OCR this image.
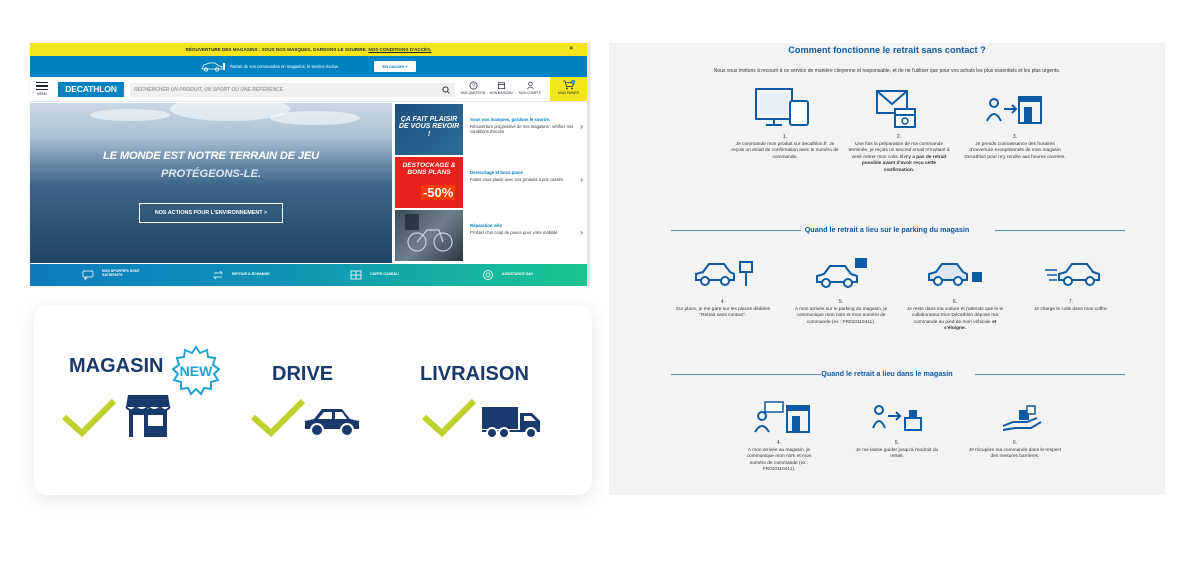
RÉOUVERTURE DES MAGASINS : SOUS NOS MASQUES, GARDONS LE SOURIRE. NOS CONDITIONS D'ACCÈS.	×
Retrait de vos commandes en magasins, le service évolue.	EN SAVOIR +
MENU
DECATHLON	RECHERCHER UN PRODUIT, UN SPORT OU UNE RÉFÉRENCE
?
UNE QUESTION	MON MAGASIN	MON COMPTE
0
MON PANIER
LE MONDE EST NOTRE TERRAIN DE JEU
PROTÉGEONS-LE.
NOS ACTIONS POUR L'ENVIRONNEMENT >
ÇA FAIT PLAISIR DE VOUS REVOIR !
Sous nos masques, gardons le sourire.
Réouverture progressive de nos magasins : vérifiez nos conditions d'accès
›
DESTOCKAGE & BONS PLANS
-50%
Destockage et bons plans
Faites vous plaisir avec nos produits à prix cassés	›
Réparation vélo
Profitez d'un coup de pouce pour votre mobilité	›
NOS SPORTIFS SONT SATISFAITS	RETOUR & ÉCHANGE	CARTE CADEAU	ASSISTANCE SAV
MAGASIN NEW	DRIVE	LIVRAISON
Comment fonctionne le retrait sans contact ?
Nous vous invitons à recourir à ce service de manière citoyenne et responsable, et de ne l'utiliser que pour vos achats les plus essentiels et les plus urgents.
1.
Je commande mon produit sur decathlon.fr. Je reçois un email de confirmation avec le numéro de commande.
2.
Une fois la préparation de ma commande terminée, je reçois un second email m'invitant à venir retirer mon colis. Il n'y a pas de retrait possible avant d'avoir reçu cette confirmation.
3.
Je prends connaissance des horaires d'ouverture exceptionnels de mon magasin Decathlon pour m'y rendre aux heures ouvrées.
Quand le retrait a lieu sur le parking du magasin
4.
Sur place, je me gare sur les places dédiées "Retrait sans contact".
5.
A mon arrivée sur le parking du magasin, je communique mon nom et mon numéro de commande (ex : FR010110411).
6.
Je reste dans ma voiture et j'attends que le le collaborateur trice Décathlon dépose ma commande au pied de mon véhicule et s'éloigne.
7.
Je charge le colis dans mon coffre.
Quand le retrait a lieu dans le magasin
4.
A mon arrivée au magasin, je communique mon nom et mon numéro de commande (ex : FR010110411).
5.
Je me laisse guider jusqu'à l'endroit du retrait.
6.
Je récupère ma commande dans le respect des mesures barrières.
